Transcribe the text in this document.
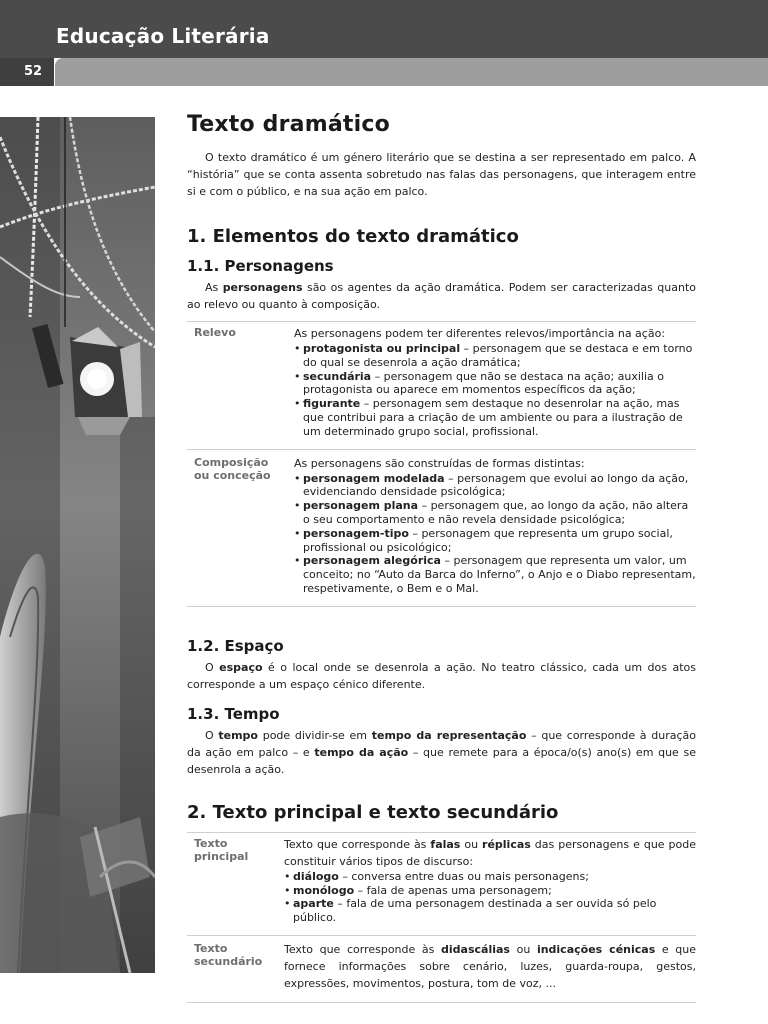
Educação Literária
52
Texto dramático

O texto dramático é um género literário que se destina a ser representado em palco. A “história” que se conta assenta sobretudo nas falas das personagens, que interagem entre si e com o público, e na sua ação em palco.

1. Elementos do texto dramático
1.1. Personagens

As personagens são os agentes da ação dramática. Podem ser caracterizadas quanto ao relevo ou quanto à composição.

Relevo	As personagens podem ter diferentes relevos/importância na ação:

• protagonista ou principal – personagem que se destaca e em torno do qual se desenrola a ação dramática;
• secundária – personagem que não se destaca na ação; auxilia o protagonista ou aparece em momentos específicos da ação;
• figurante – personagem sem destaque no desenrolar na ação, mas que contribui para a criação de um ambiente ou para a ilustração de um determinado grupo social, profissional.
Composição
ou conceção

As personagens são construídas de formas distintas:

• personagem modelada – personagem que evolui ao longo da ação, evidenciando densidade psicológica;
• personagem plana – personagem que, ao longo da ação, não altera o seu comportamento e não revela densidade psicológica;
• personagem-tipo – personagem que representa um grupo social, profissional ou psicológico;
• personagem alegórica – personagem que representa um valor, um conceito; no “Auto da Barca do Inferno”, o Anjo e o Diabo representam, respetivamente, o Bem e o Mal.
1.2. Espaço

O espaço é o local onde se desenrola a ação. No teatro clássico, cada um dos atos corresponde a um espaço cénico diferente.

1.3. Tempo

O tempo pode dividir-se em tempo da representação – que corresponde à duração da ação em palco – e tempo da ação – que remete para a época/o(s) ano(s) em que se desenrola a ação.

2. Texto principal e texto secundário
Texto
principal

Texto que corresponde às falas ou réplicas das personagens e que pode constituir vários tipos de discurso:

• diálogo – conversa entre duas ou mais personagens;
• monólogo – fala de apenas uma personagem;
• aparte – fala de uma personagem destinada a ser ouvida só pelo público.
Texto
secundário

Texto que corresponde às didascálias ou indicações cénicas e que fornece informações sobre cenário, luzes, guarda-roupa, gestos, expressões, movimentos, postura, tom de voz, ...
